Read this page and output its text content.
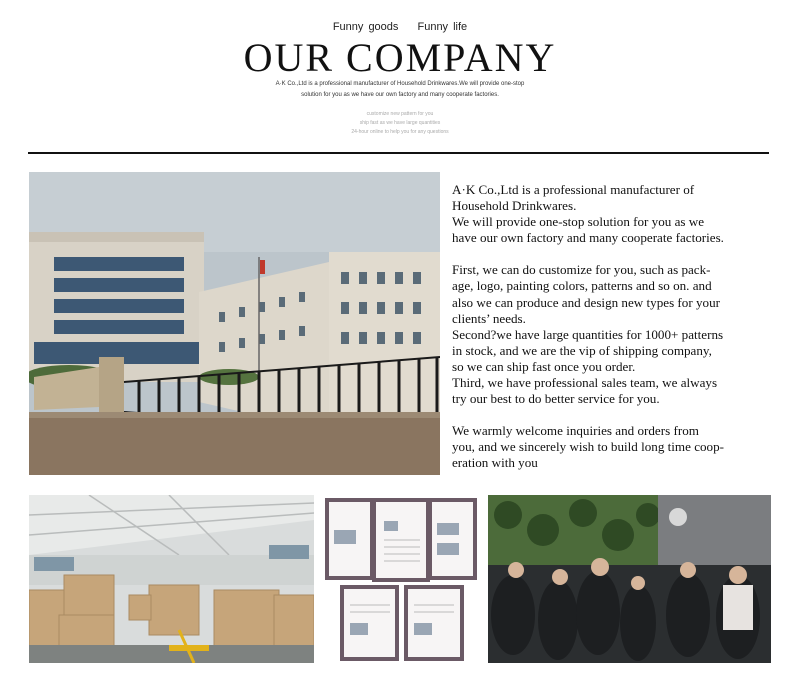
Funny goods Funny life
OUR COMPANY
A·K Co.,Ltd is a professional manufacturer of Household Drinkwares.We will provide one-stop
solution for you as we have our own factory and many cooperate factories.
customize new pattern for you
ship fast as we have large quantities
24-hour online to help you for any questions

A·K Co.,Ltd is a professional manufacturer of
Household Drinkwares.
We will provide one-stop solution for you as we
have our own factory and many cooperate factories.

First, we can do customize for you, such as pack-
age, logo, painting colors, patterns and so on. and
also we can produce and design new types for your
clients’ needs.
Second?we have large quantities for 1000+ patterns
in stock, and we are the vip of shipping company,
so we can ship fast once you order.
Third, we have professional sales team, we always
try our best to do better service for you.

We warmly welcome inquiries and orders from
you, and we sincerely wish to build long time coop-
eration with you
